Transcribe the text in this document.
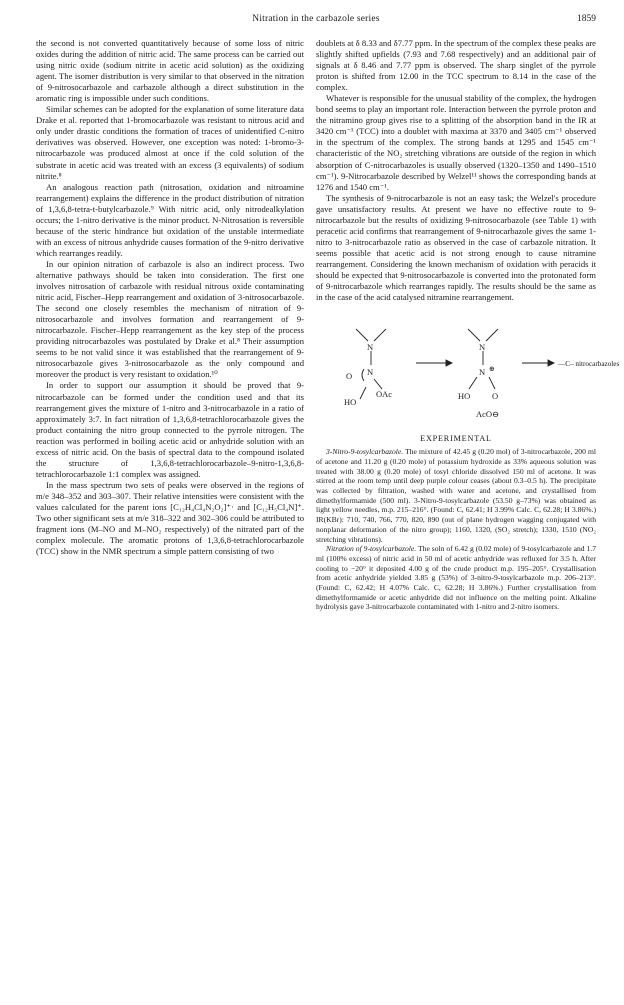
Nitration in the carbazole series	1859

the second is not converted quantitatively because of some loss of nitric oxides during the addition of nitric acid. The same process can be carried out using nitric oxide (sodium nitrite in acetic acid solution) as the oxidizing agent. The isomer distribution is very similar to that observed in the nitration of 9-nitrosocarbazole and carbazole although a direct substitution in the aromatic ring is impossible under such conditions.

Similar schemes can be adopted for the explanation of some literature data Drake et al. reported that 1-bromocarbazole was resistant to nitrous acid and only under drastic conditions the formation of traces of unidentified C-nitro derivatives was observed. However, one exception was noted: 1-bromo-3-nitrocarbazole was produced almost at once if the cold solution of the substrate in acetic acid was treated with an excess (3 equivalents) of sodium nitrite.⁸

An analogous reaction path (nitrosation, oxidation and nitroamine rearrangement) explains the difference in the product distribution of nitration of 1,3,6,8-tetra-t-butylcarbazole.⁹ With nitric acid, only nitrodealkylation occurs; the 1-nitro derivative is the minor product. N-Nitrosation is reversible because of the steric hindrance but oxidation of the unstable intermediate with an excess of nitrous anhydride causes formation of the 9-nitro derivative which rearranges readily.

In our opinion nitration of carbazole is also an indirect process. Two alternative pathways should be taken into consideration. The first one involves nitrosation of carbazole with residual nitrous oxide contaminating nitric acid, Fischer–Hepp rearrangement and oxidation of 3-nitrosocarbazole. The second one closely resembles the mechanism of nitration of 9-nitrosocarbazole and involves formation and rearrangement of 9-nitrocarbazole. Fischer–Hepp rearrangement as the key step of the process providing nitrocarbazoles was postulated by Drake et al.⁸ Their assumption seems to be not valid since it was established that the rearrangement of 9-nitrosocarbazole gives 3-nitrosocarbazole as the only compound and moreover the product is very resistant to oxidation.¹⁰

In order to support our assumption it should be proved that 9-nitrocarbazole can be formed under the condition used and that its rearrangement gives the mixture of 1-nitro and 3-nitrocarbazole in a ratio of approximately 3:7. In fact nitration of 1,3,6,8-tetrachlorocarbazole gives the product containing the nitro group connected to the pyrrole nitrogen. The reaction was performed in boiling acetic acid or anhydride solution with an excess of nitric acid. On the basis of spectral data to the compound isolated the structure of 1,3,6,8-tetrachlorocarbazole–9-nitro-1,3,6,8-tetrachlorocarbazole 1:1 complex was assigned.

In the mass spectrum two sets of peaks were observed in the regions of m/e 348–352 and 303–307. Their relative intensities were consistent with the values calculated for the parent ions [C₁₂H₄Cl₄N₂O₂]⁺· and [C₁₂H₅Cl₄N]⁺. Two other significant sets at m/e 318–322 and 302–306 could be attributed to fragment ions (M–NO and M–NO₂ respectively) of the nitrated part of the complex molecule. The aromatic protons of 1,3,6,8-tetrachlorocarbazole (TCC) show in the NMR spectrum a simple pattern consisting of two

doublets at δ 8.33 and δ7.77 ppm. In the spectrum of the complex these peaks are slightly shifted upfields (7.93 and 7.68 respectively) and an additional pair of signals at δ 8.46 and 7.77 ppm is observed. The sharp singlet of the pyrrole proton is shifted from 12.00 in the TCC spectrum to 8.14 in the case of the complex.

Whatever is responsible for the unusual stability of the complex, the hydrogen bond seems to play an important role. Interaction between the pyrrole proton and the nitramino group gives rise to a splitting of the absorption band in the IR at 3420 cm⁻¹ (TCC) into a doublet with maxima at 3370 and 3405 cm⁻¹ observed in the spectrum of the complex. The strong bands at 1295 and 1545 cm⁻¹ characteristic of the NO₂ stretching vibrations are outside of the region in which absorption of C-nitrocarbazoles is usually observed (1320–1350 and 1490–1510 cm⁻¹). 9-Nitrocarbazole described by Welzel¹¹ shows the corresponding bands at 1276 and 1540 cm⁻¹.

The synthesis of 9-nitrocarbazole is not an easy task; the Welzel's procedure gave unsatisfactory results. At present we have no effective route to 9-nitrocarbazole but the results of oxidizing 9-nitrosocarbazole (see Table 1) with peracetic acid confirms that rearrangement of 9-nitrocarbazole gives the same 1-nitro to 3-nitrocarbazole ratio as observed in the case of carbazole nitration. It seems possible that acetic acid is not strong enough to cause nitramine rearrangement. Considering the known mechanism of oxidation with peracids it should be expected that 9-nitrosocarbazole is converted into the protonated form of 9-nitrocarbazole which rearranges rapidly. The results should be the same as in the case of the acid catalysed nitramine rearrangement.

N
N
O
OAc
HO
N
N ⊕
HO	O
AcO⊖
—C– nitrocarbazoles
EXPERIMENTAL

3-Nitro-9-tosylcarbazole. The mixture of 42.45 g (0.20 mol) of 3-nitrocarbazole, 200 ml of acetone and 11.20 g (0.20 mole) of potassium hydroxide as 33% aqueous solution was treated with 38.00 g (0.20 mole) of tosyl chloride dissolved 150 ml of acetone. It was stirred at the room temp until deep purple colour ceases (about 0.3–0.5 h). The precipitate was collected by filtration, washed with water and acetone, and crystallised from dimethylformamide (500 ml). 3-Nitro-9-tosylcarbazole (53.50 g–73%) was obtained as light yellow needles, m.p. 215–216°. (Found: C, 62.41; H 3.99% Calc. C, 62.28; H 3.86%.) IR(KBr): 710, 740, 766, 770, 820, 890 (out of plane hydrogen wagging conjugated with nonplanar deformation of the nitro group); 1160, 1320, (SO₂ stretch); 1330, 1510 (NO₂ stretching vibrations).

Nitration of 9-tosylcarbazole. The soln of 6.42 g (0.02 mole) of 9-tosylcarbazole and 1.7 ml (100% excess) of nitric acid in 50 ml of acetic anhydride was refluxed for 3.5 h. After cooling to −20° it deposited 4.00 g of the crude product m.p. 195–205°. Crystallisation from acetic anhydride yielded 3.85 g (53%) of 3-nitro-9-tosylcarbazole m.p. 206–213°. (Found: C, 62.42; H 4.07% Calc. C, 62.28; H 3.86%.) Further crystallisation from dimethylformamide or acetic anhydride did not influence on the melting point. Alkaline hydrolysis gave 3-nitrocarbazole contaminated with 1-nitro and 2-nitro isomers.
